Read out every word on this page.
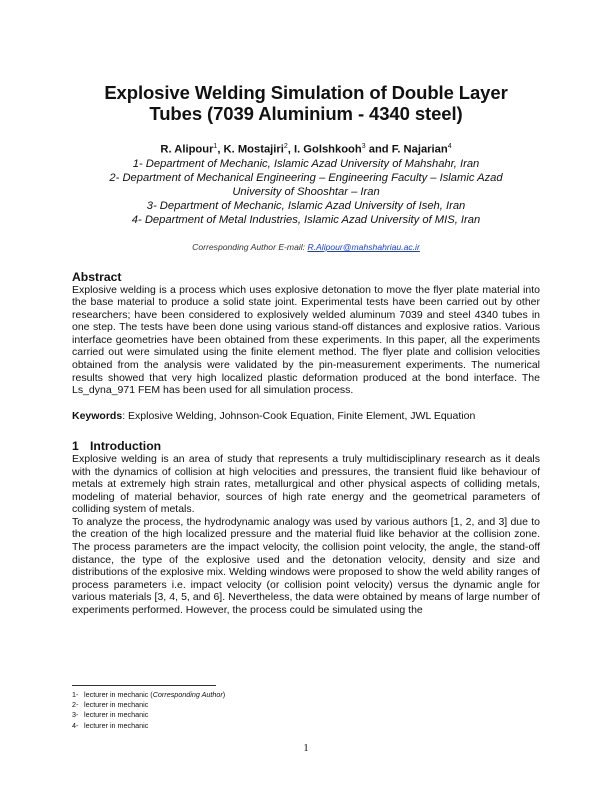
Explosive Welding Simulation of Double Layer
Tubes (7039 Aluminium - 4340 steel)
R. Alipour$^1$, K. Mostajiri$^2$, I. Golshkooh$^3$ and F. Najarian$^4$
1- Department of Mechanic, Islamic Azad University of Mahshahr, Iran
2- Department of Mechanical Engineering – Engineering Faculty – Islamic Azad
University of Shooshtar – Iran
3- Department of Mechanic, Islamic Azad University of Iseh, Iran
4- Department of Metal Industries, Islamic Azad University of MIS, Iran
Corresponding Author E-mail: R.Alipour@mahshahriau.ac.ir
Abstract

Explosive welding is a process which uses explosive detonation to move the flyer plate material into the base material to produce a solid state joint. Experimental tests have been carried out by other researchers; have been considered to explosively welded aluminum 7039 and steel 4340 tubes in one step. The tests have been done using various stand-off distances and explosive ratios. Various interface geometries have been obtained from these experiments. In this paper, all the experiments carried out were simulated using the finite element method. The flyer plate and collision velocities obtained from the analysis were validated by the pin-measurement experiments. The numerical results showed that very high localized plastic deformation produced at the bond interface. The Ls_dyna_971 FEM has been used for all simulation process.

Keywords: Explosive Welding, Johnson-Cook Equation, Finite Element, JWL Equation
1 Introduction

Explosive welding is an area of study that represents a truly multidisciplinary research as it deals with the dynamics of collision at high velocities and pressures, the transient fluid like behaviour of metals at extremely high strain rates, metallurgical and other physical aspects of colliding metals, modeling of material behavior, sources of high rate energy and the geometrical parameters of colliding system of metals.

To analyze the process, the hydrodynamic analogy was used by various authors [1, 2, and 3] due to the creation of the high localized pressure and the material fluid like behavior at the collision zone. The process parameters are the impact velocity, the collision point velocity, the angle, the stand-off distance, the type of the explosive used and the detonation velocity, density and size and distributions of the explosive mix. Welding windows were proposed to show the weld ability ranges of process parameters i.e. impact velocity (or collision point velocity) versus the dynamic angle for various materials [3, 4, 5, and 6]. Nevertheless, the data were obtained by means of large number of experiments performed. However, the process could be simulated using the

1- lecturer in mechanic (Corresponding Author)
2- lecturer in mechanic
3- lecturer in mechanic
4- lecturer in mechanic
1
